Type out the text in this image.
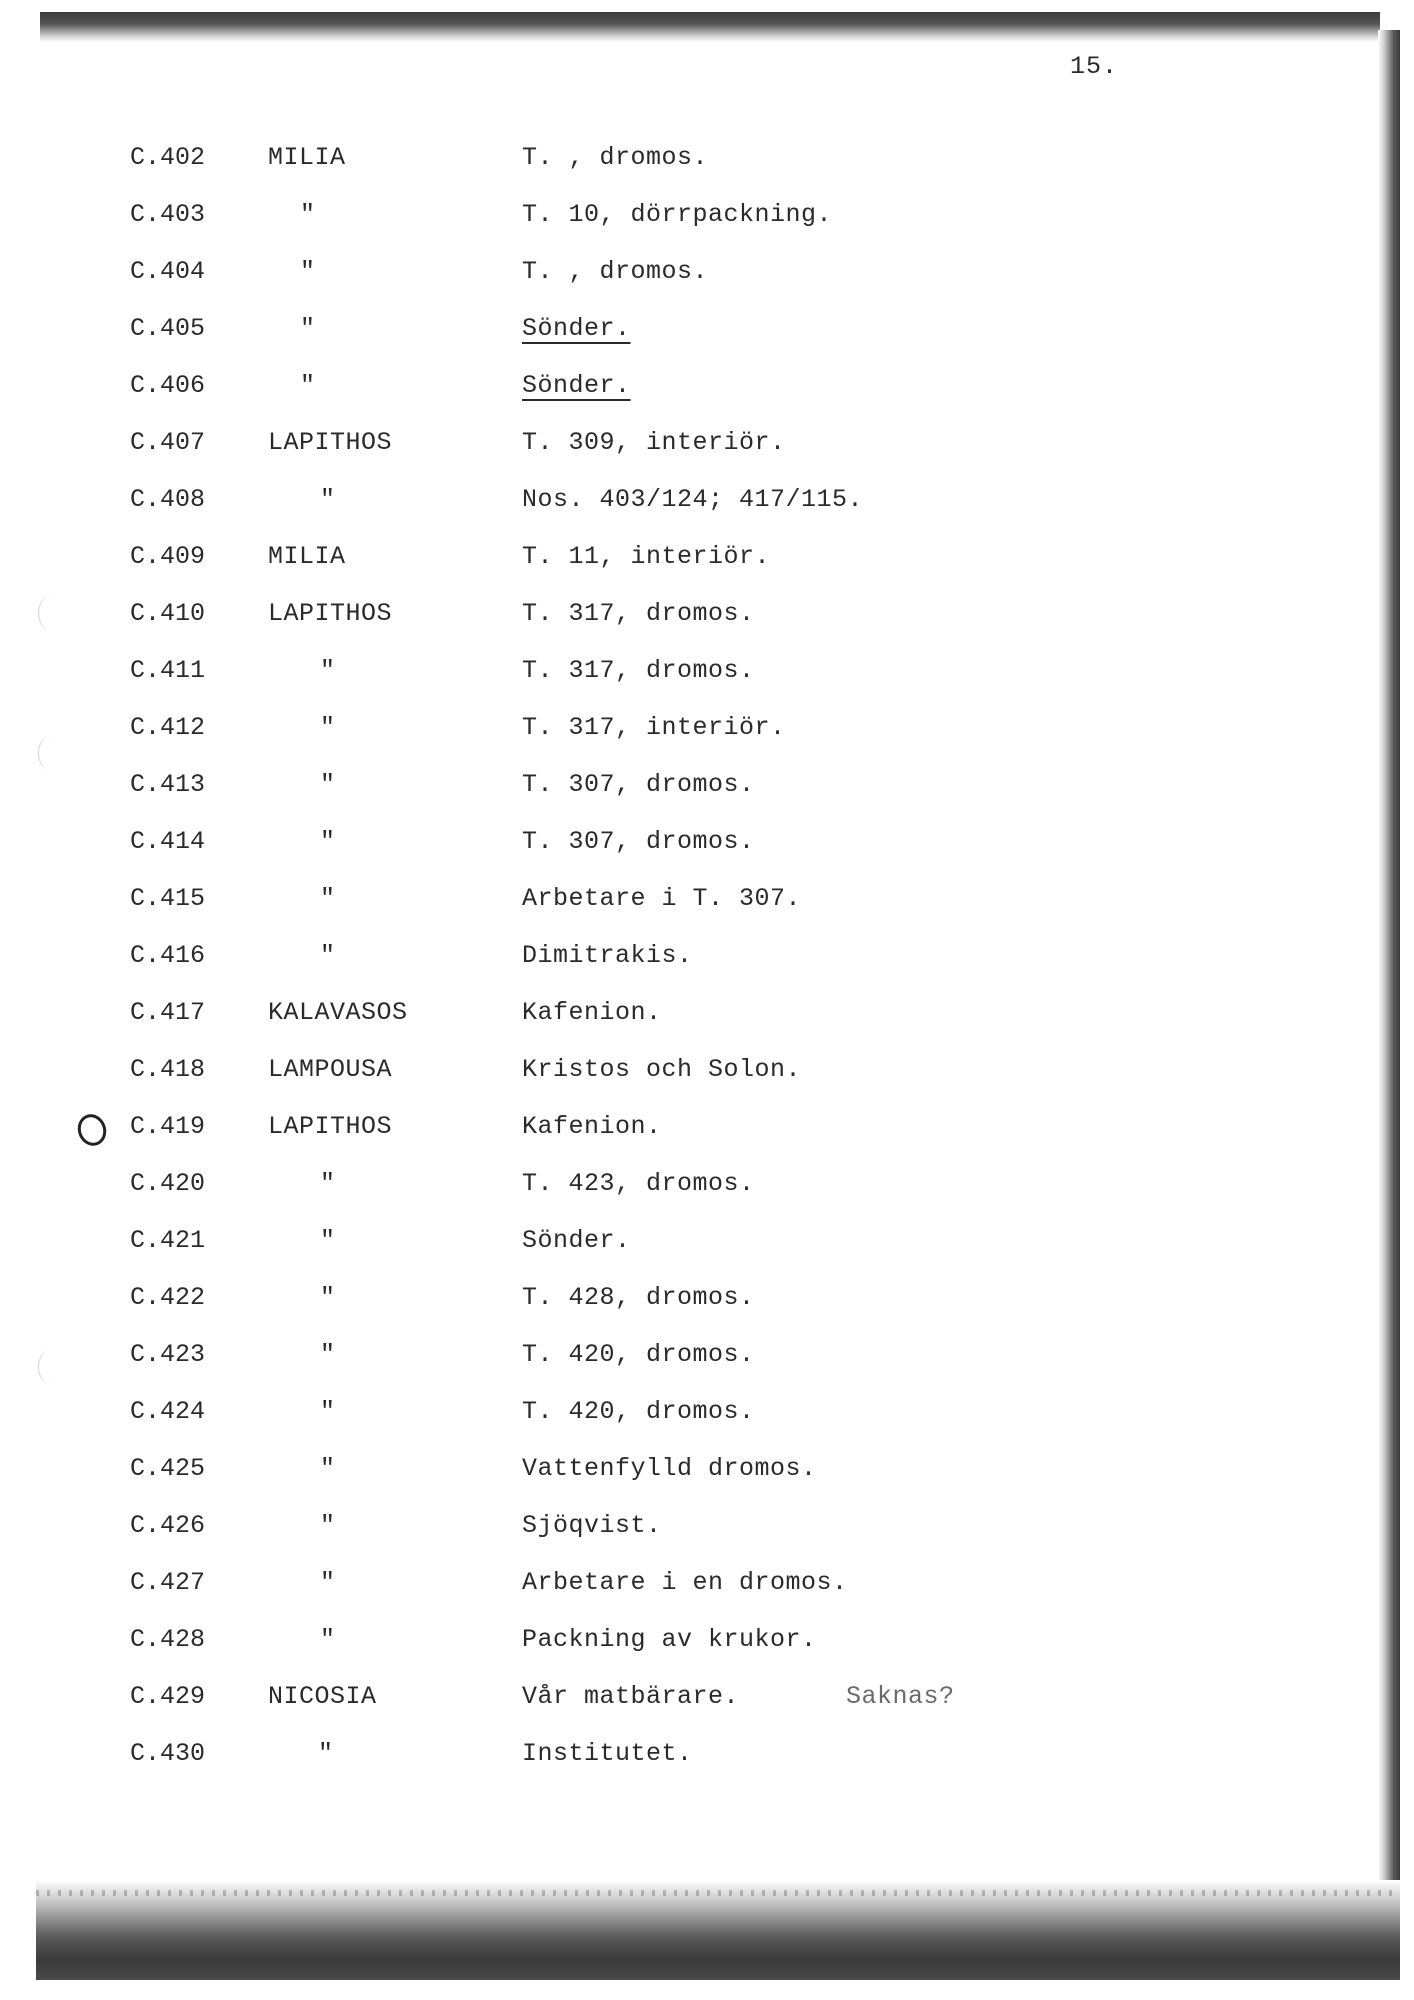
15.
C.402	MILIA	T. , dromos.
C.403	"	T. 10, dörrpackning.
C.404	"	T. , dromos.
C.405	"	Sönder.
C.406	"	Sönder.
C.407	LAPITHOS	T. 309, interiör.
C.408	"	Nos. 403/124; 417/115.
C.409	MILIA	T. 11, interiör.
C.410	LAPITHOS	T. 317, dromos.
C.411	"	T. 317, dromos.
C.412	"	T. 317, interiör.
C.413	"	T. 307, dromos.
C.414	"	T. 307, dromos.
C.415	"	Arbetare i T. 307.
C.416	"	Dimitrakis.
C.417	KALAVASOS	Kafenion.
C.418	LAMPOUSA	Kristos och Solon.
C.419	LAPITHOS	Kafenion.
C.420	"	T. 423, dromos.
C.421	"	Sönder.
C.422	"	T. 428, dromos.
C.423	"	T. 420, dromos.
C.424	"	T. 420, dromos.
C.425	"	Vattenfylld dromos.
C.426	"	Sjöqvist.
C.427	"	Arbetare i en dromos.
C.428	"	Packning av krukor.
C.429	NICOSIA	Vår matbärare.	Saknas?
C.430	"	Institutet.
